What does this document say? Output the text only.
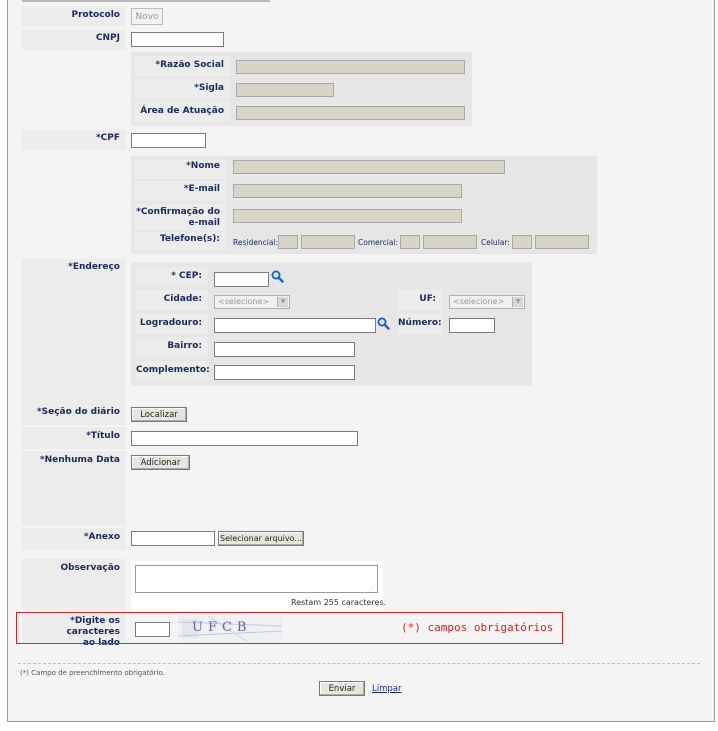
Protocolo	Novo
CNPJ
*Razão Social
*Sigla
Área de Atuação
*CPF
*Nome
*E-mail
*Confirmação do
e-mail
Telefone(s):	Residencial:	Comercial:	Celular:
*Endereço
* CEP:
Cidade:	<selecione>	▼	UF:	<selecione>	▼
Logradouro:	Número:
Bairro:
Complemento:
*Seção do diário	Localizar
*Título
*Nenhuma Data	Adicionar
*Anexo	Selecionar arquivo...
Observação
⋰
Restam 255 caracteres.
*Digite os caracteres
ao lado
UFCB	(*) campos obrigatórios
(*) Campo de preenchimento obrigatório.
Enviar	Limpar
